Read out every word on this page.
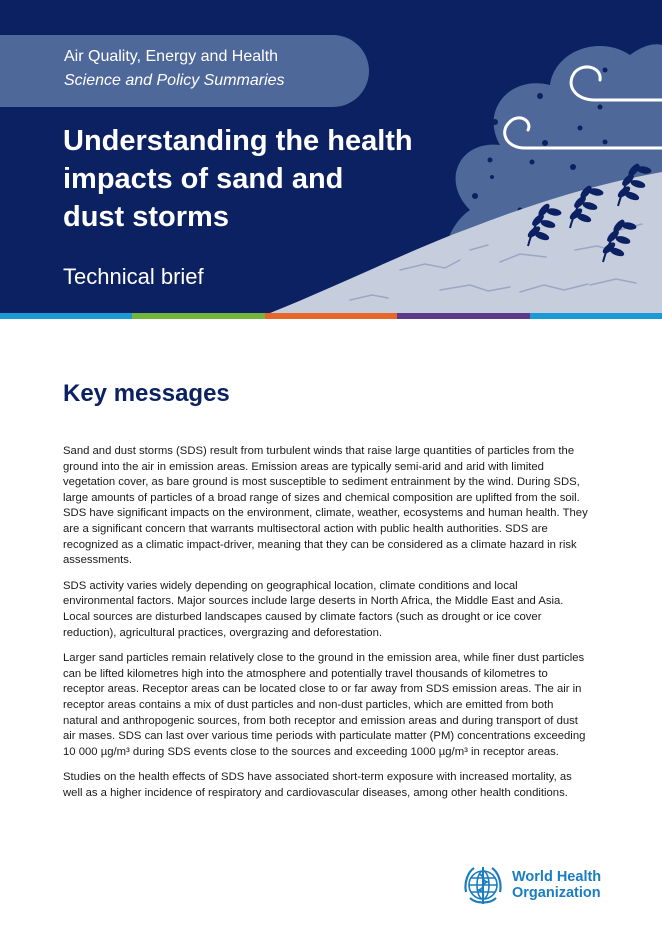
Air Quality, Energy and Health
Science and Policy Summaries
Understanding the health
impacts of sand and
dust storms
Technical brief
Key messages

Sand and dust storms (SDS) result from turbulent winds that raise large quantities of particles from the ground into the air in emission areas. Emission areas are typically semi-arid and arid with limited vegetation cover, as bare ground is most susceptible to sediment entrainment by the wind. During SDS, large amounts of particles of a broad range of sizes and chemical composition are uplifted from the soil. SDS have significant impacts on the environment, climate, weather, ecosystems and human health. They are a significant concern that warrants multisectoral action with public health authorities. SDS are recognized as a climatic impact-driver, meaning that they can be considered as a climate hazard in risk assessments.

SDS activity varies widely depending on geographical location, climate conditions and local environmental factors. Major sources include large deserts in North Africa, the Middle East and Asia. Local sources are disturbed landscapes caused by climate factors (such as drought or ice cover reduction), agricultural practices, overgrazing and deforestation.

Larger sand particles remain relatively close to the ground in the emission area, while finer dust particles can be lifted kilometres high into the atmosphere and potentially travel thousands of kilometres to receptor areas. Receptor areas can be located close to or far away from SDS emission areas. The air in receptor areas contains a mix of dust particles and non-dust particles, which are emitted from both natural and anthropogenic sources, from both receptor and emission areas and during transport of dust air mases. SDS can last over various time periods with particulate matter (PM) concentrations exceeding 10 000 µg/m³ during SDS events close to the sources and exceeding 1000 µg/m³ in receptor areas.

Studies on the health effects of SDS have associated short-term exposure with increased mortality, as well as a higher incidence of respiratory and cardiovascular diseases, among other health conditions.

World Health
Organization
